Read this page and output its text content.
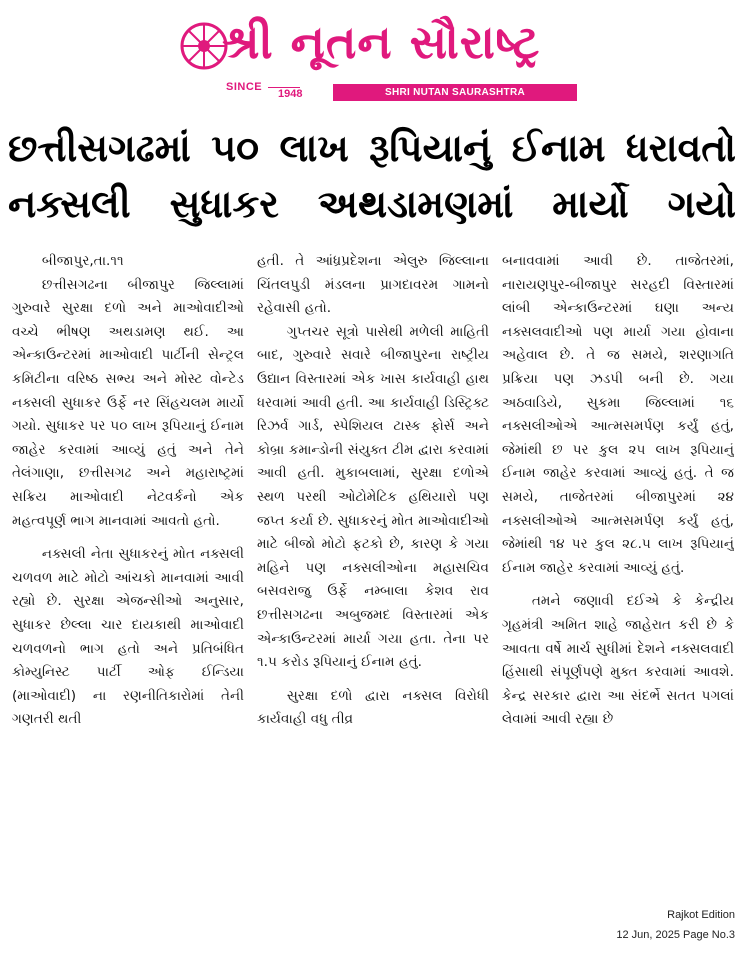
શ્રી નૂતન સૌરાષ્ટ્ર
SINCE
1948	SHRI NUTAN SAURASHTRA
છત્તીસગઢમાં ૫૦ લાખ રૂપિયાનું ઈનામ ધરાવતો
નક્સલી સુધાકર અથડામણમાં માર્યો ગયો

બીજાપુર,તા.૧૧

છત્તીસગઢના બીજાપુર જિલ્લામાં ગુરુવારે સુરક્ષા દળો અને માઓવાદીઓ વચ્ચે ભીષણ અથડામણ થઈ. આ એન્કાઉન્ટરમાં માઓવાદી પાર્ટીની સેન્ટ્રલ કમિટીના વરિષ્ઠ સભ્ય અને મોસ્ટ વોન્ટેડ નક્સલી સુધાકર ઉર્ફે નર સિંહચલમ માર્યો ગયો. સુધાકર પર ૫૦ લાખ રૂપિયાનું ઈનામ જાહેર કરવામાં આવ્યું હતું અને તેને તેલંગાણા, છત્તીસગઢ અને મહારાષ્ટ્રમાં સક્રિય માઓવાદી નેટવર્કનો એક મહત્વપૂર્ણ ભાગ માનવામાં આવતો હતો.

નક્સલી નેતા સુધાકરનું મોત નક્સલી ચળવળ માટે મોટો આંચકો માનવામાં આવી રહ્યો છે. સુરક્ષા એજન્સીઓ અનુસાર, સુધાકર છેલ્લા ચાર દાયકાથી માઓવાદી ચળવળનો ભાગ હતો અને પ્રતિબંધિત કોમ્યુનિસ્ટ પાર્ટી ઓફ ઈન્ડિયા (માઓવાદી) ના રણનીતિકારોમાં તેની ગણતરી થતી

હતી. તે આંધ્રપ્રદેશના એલુરુ જિલ્લાના ચિંતલપુડી મંડલના પ્રાગદાવરમ ગામનો રહેવાસી હતો.

ગુપ્તચર સૂત્રો પાસેથી મળેલી માહિતી બાદ, ગુરુવારે સવારે બીજાપુરના રાષ્ટ્રીય ઉદ્યાન વિસ્તારમાં એક ખાસ કાર્યવાહી હાથ ધરવામાં આવી હતી. આ કાર્યવાહી ડિસ્ટ્રિક્ટ રિઝર્વ ગાર્ડ, સ્પેશિયલ ટાસ્ક ફોર્સ અને કોબ્રા કમાન્ડોની સંયુક્ત ટીમ દ્વારા કરવામાં આવી હતી. મુકાબલામાં, સુરક્ષા દળોએ સ્થળ પરથી ઓટોમેટિક હથિયારો પણ જપ્ત કર્યા છે. સુધાકરનું મોત માઓવાદીઓ માટે બીજો મોટો ફટકો છે, કારણ કે ગયા મહિને પણ નક્સલીઓના મહાસચિવ બસવરાજુ ઉર્ફે નમ્બાલા કેશવ રાવ છત્તીસગઢના અબુજમદ વિસ્તારમાં એક એન્કાઉન્ટરમાં માર્યા ગયા હતા. તેના પર ૧.૫ કરોડ રૂપિયાનું ઈનામ હતું.

સુરક્ષા દળો દ્વારા નક્સલ વિરોધી કાર્યવાહી વધુ તીવ્ર

બનાવવામાં આવી છે. તાજેતરમાં, નારાયણપુર-બીજાપુર સરહદી વિસ્તારમાં લાંબી એન્કાઉન્ટરમાં ઘણા અન્ય નક્સલવાદીઓ પણ માર્યા ગયા હોવાના અહેવાલ છે. તે જ સમયે, શરણાગતિ પ્રક્રિયા પણ ઝડપી બની છે. ગયા અઠવાડિયે, સુકમા જિલ્લામાં ૧૬ નક્સલીઓએ આત્મસમર્પણ કર્યું હતું, જેમાંથી છ પર કુલ ૨૫ લાખ રૂપિયાનું ઈનામ જાહેર કરવામાં આવ્યું હતું. તે જ સમયે, તાજેતરમાં બીજાપુરમાં ૨૪ નક્સલીઓએ આત્મસમર્પણ કર્યું હતું, જેમાંથી ૧૪ પર કુલ ૨૮.૫ લાખ રૂપિયાનું ઈનામ જાહેર કરવામાં આવ્યું હતું.

તમને જણાવી દઈએ કે કેન્દ્રીય ગૃહમંત્રી અમિત શાહે જાહેરાત કરી છે કે આવતા વર્ષે માર્ચ સુધીમાં દેશને નક્સલવાદી હિંસાથી સંપૂર્ણપણે મુક્ત કરવામાં આવશે. કેન્દ્ર સરકાર દ્વારા આ સંદર્ભે સતત પગલાં લેવામાં આવી રહ્યા છે

Rajkot Edition
12 Jun, 2025 Page No.3
